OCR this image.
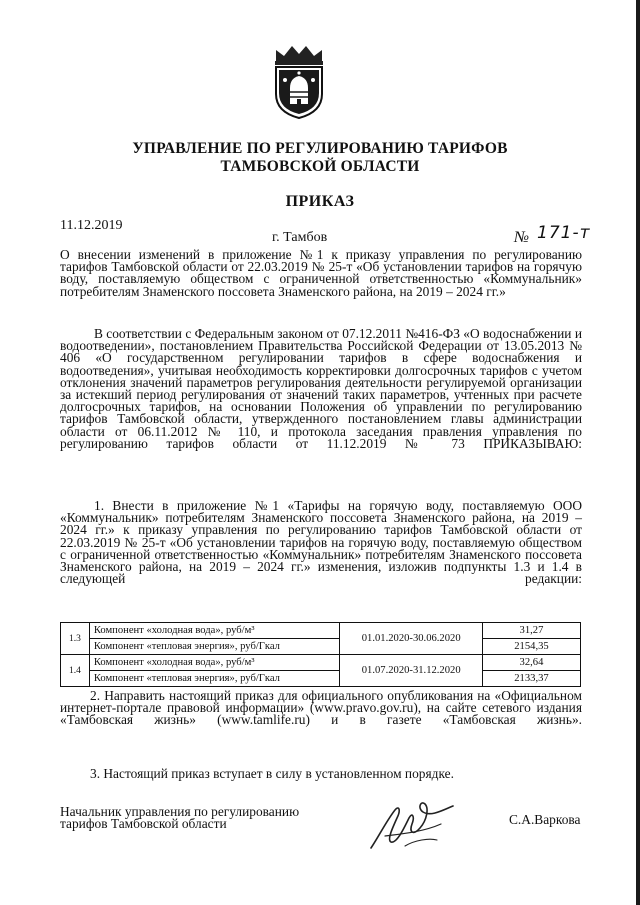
УПРАВЛЕНИЕ ПО РЕГУЛИРОВАНИЮ ТАРИФОВ
ТАМБОВСКОЙ ОБЛАСТИ
ПРИКАЗ
11.12.2019
г. Тамбов	№ 171-т

О внесении изменений в приложение №1 к приказу управления по регулированию тарифов Тамбовской области от 22.03.2019 № 25-т «Об установлении тарифов на горячую воду, поставляемую обществом с ограниченной ответственностью «Коммунальник» потребителям Знаменского поссовета Знаменского района, на 2019 – 2024 гг.»

В соответствии с Федеральным законом от 07.12.2011 №416-ФЗ «О водоснабжении и водоотведении», постановлением Правительства Российской Федерации от 13.05.2013 № 406 «О государственном регулировании тарифов в сфере водоснабжения и водоотведения», учитывая необходимость корректировки долгосрочных тарифов с учетом отклонения значений параметров регулирования деятельности регулируемой организации за истекший период регулирования от значений таких параметров, учтенных при расчете долгосрочных тарифов, на основании Положения об управлении по регулированию тарифов Тамбовской области, утвержденного постановлением главы администрации области от 06.11.2012 № 110, и протокола заседания правления управления по регулированию тарифов области от 11.12.2019 № 73 ПРИКАЗЫВАЮ:

1. Внести в приложение №1 «Тарифы на горячую воду, поставляемую ООО «Коммунальник» потребителям Знаменского поссовета Знаменского района, на 2019 – 2024 гг.» к приказу управления по регулированию тарифов Тамбовской области от 22.03.2019 № 25-т «Об установлении тарифов на горячую воду, поставляемую обществом с ограниченной ответственностью «Коммунальник» потребителям Знаменского поссовета Знаменского района, на 2019 – 2024 гг.» изменения, изложив подпункты 1.3 и 1.4 в следующей редакции:

1.3	Компонент «холодная вода», руб/м³	01.01.2020-30.06.2020	31,27
	Компонент «тепловая энергия», руб/Гкал		2154,35
1.4	Компонент «холодная вода», руб/м³	01.07.2020-31.12.2020	32,64
	Компонент «тепловая энергия», руб/Гкал		2133,37

2. Направить настоящий приказ для официального опубликования на «Официальном интернет-портале правовой информации» (www.pravo.gov.ru), на сайте сетевого издания «Тамбовская жизнь» (www.tamlife.ru) и в газете «Тамбовская жизнь».

3. Настоящий приказ вступает в силу в установленном порядке.
Начальник управления по регулированию
тарифов Тамбовской области	С.А.Варкова
